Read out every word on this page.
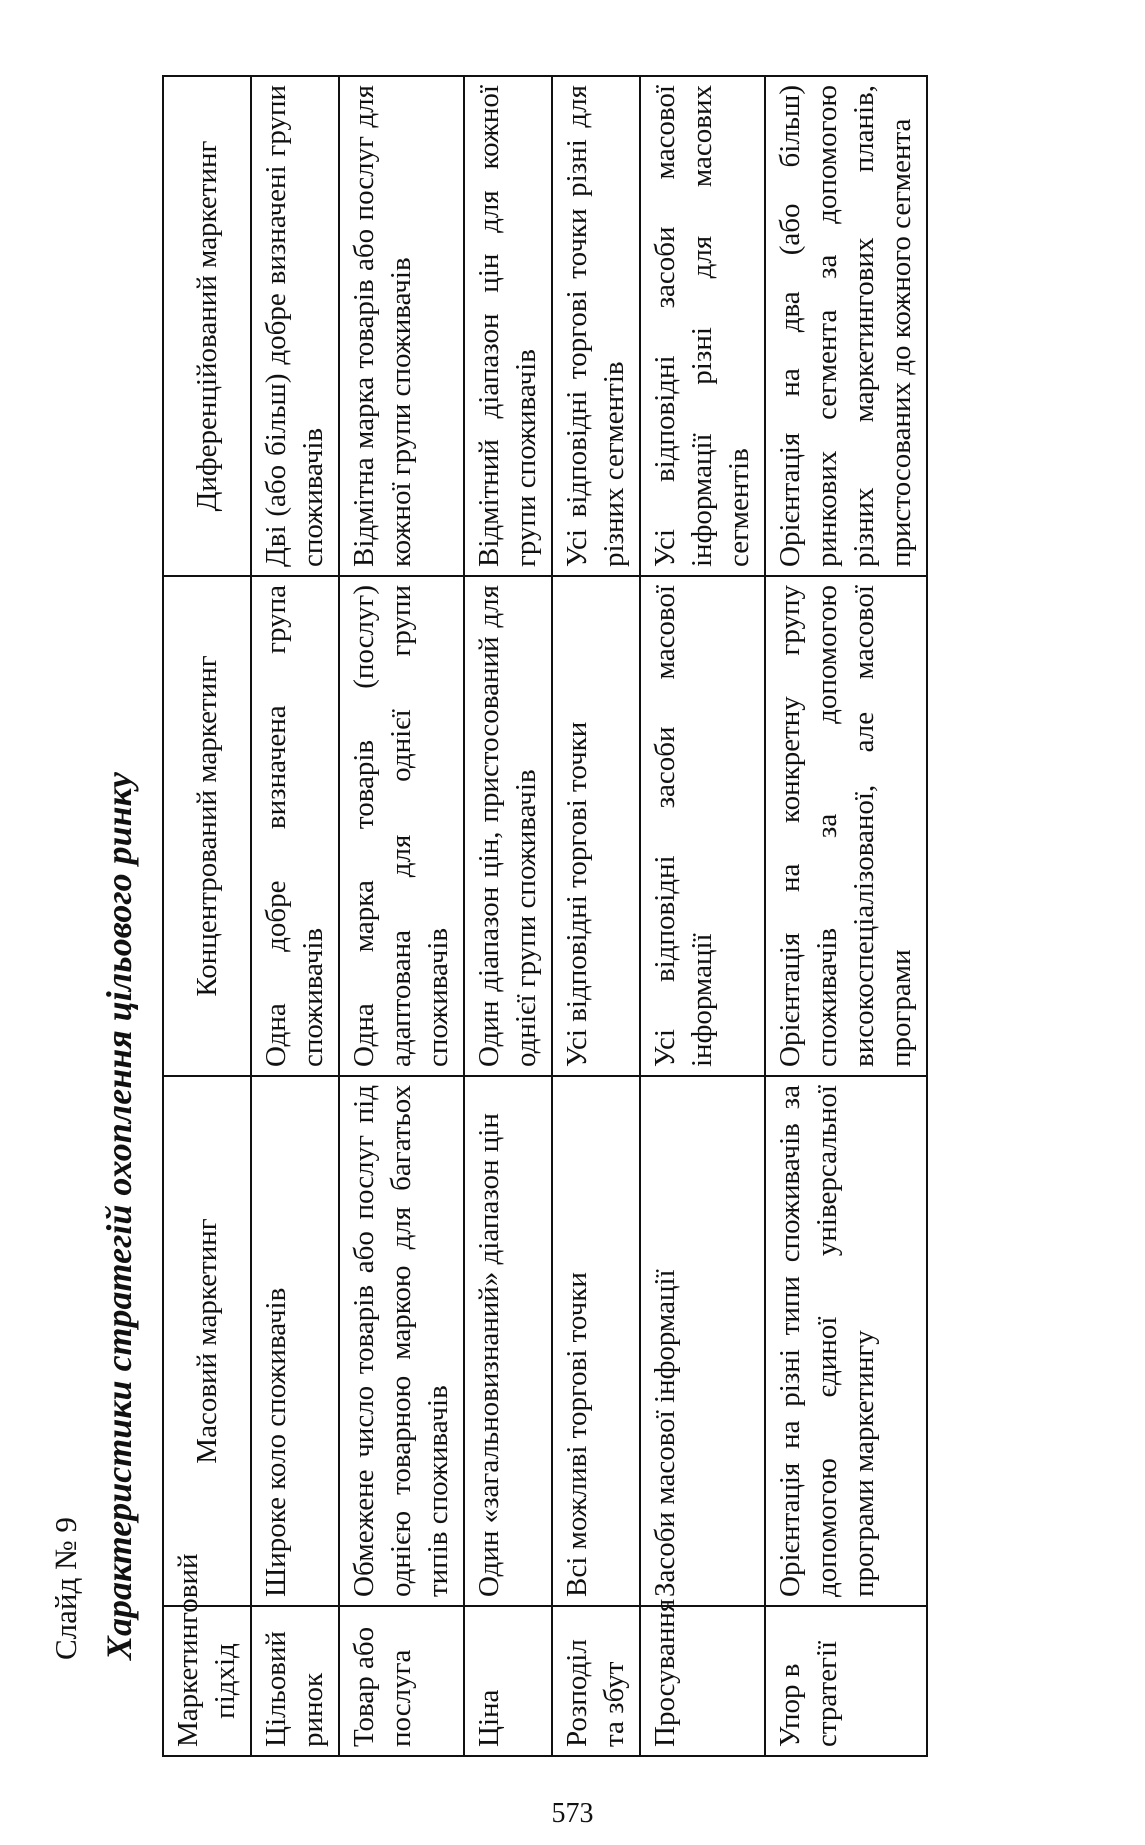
Слайд № 9 Характеристики стратегій охоплення цільового ринку Маркетинговий підхід	Масовий маркетинг	Концентрований маркетинг	Диференційований маркетинг
Цільовий ринок	Широке коло споживачів	Одна добре визначена група споживачів	Дві (або більш) добре визначені групи споживачів
Товар або послуга	Обмежене число товарів або послуг під однією товарною маркою для багатьох типів споживачів	Одна марка товарів (послуг) адаптована для однієї групи споживачів	Відмітна марка товарів або послуг для кожної групи споживачів
Ціна	Один «загальновизнаний» діапазон цін	Один діапазон цін, пристосований для однієї групи споживачів	Відмітний діапазон цін для кожної групи споживачів
Розподіл та збут	Всі можливі торгові точки	Усі відповідні торгові точки	Усі відповідні торгові точки різні для різних сегментів
Просування	Засоби масової інформації	Усі відповідні засоби масової інформації	Усі відповідні засоби масової інформації різні для масових сегментів
Упор в стратегії	Орієнтація на різні типи споживачів за допомогою єдиної універсальної програми маркетингу	Орієнтація на конкретну групу споживачів за допомогою високоспеціалізованої, але масової програми	Орієнтація на два (або більш) ринкових сегмента за допомогою різних маркетингових планів, пристосованих до кожного сегмента
573
